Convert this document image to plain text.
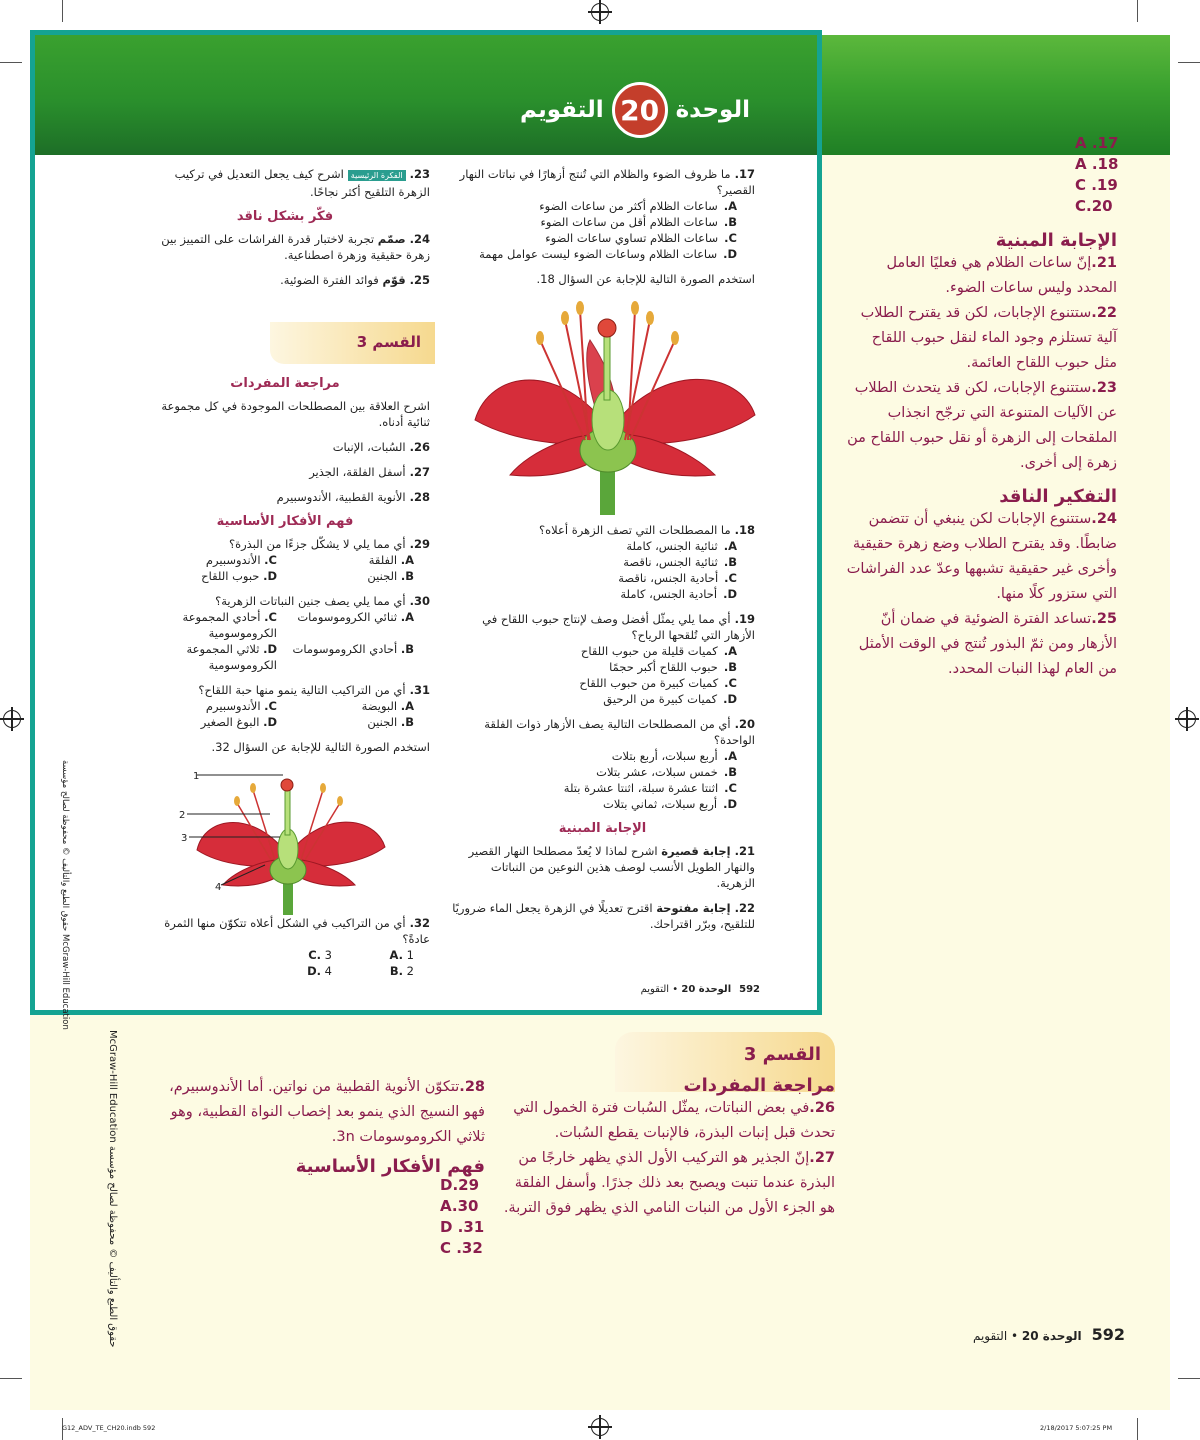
الوحدة
20
التقويم
17.ما ظروف الضوء والظلام التي تُنتج أزهارًا في نباتات النهار القصير؟
A.ساعات الظلام أكثر من ساعات الضوء
B.ساعات الظلام أقل من ساعات الضوء
C.ساعات الظلام تساوي ساعات الضوء
D.ساعات الظلام وساعات الضوء ليست عوامل مهمة
استخدم الصورة التالية للإجابة عن السؤال 18.
18.ما المصطلحات التي تصف الزهرة أعلاه؟
A.ثنائية الجنس، كاملة
B.ثنائية الجنس، ناقصة
C.أحادية الجنس، ناقصة
D.أحادية الجنس، كاملة
19.أي مما يلي يمثّل أفضل وصف لإنتاج حبوب اللقاح في الأزهار التي تُلقحها الرياح؟
A.كميات قليلة من حبوب اللقاح
B.حبوب اللقاح أكبر حجمًا
C.كميات كبيرة من حبوب اللقاح
D.كميات كبيرة من الرحيق
20.أي من المصطلحات التالية يصف الأزهار ذوات الفلقة الواحدة؟
A.أربع سبلات، أربع بتلات
B.خمس سبلات، عشر بتلات
C.اثنتا عشرة سبلة، اثنتا عشرة بتلة
D.أربع سبلات، ثماني بتلات
الإجابة المبنية
21.إجابة قصيرة اشرح لماذا لا يُعدّ مصطلحا النهار القصير والنهار الطويل الأنسب لوصف هذين النوعين من النباتات الزهرية.
22.إجابة مفتوحة اقترح تعديلًا في الزهرة يجعل الماء ضروريًا للتلقيح، وبرّر اقتراحك.
23.الفكرة الرئيسيةاشرح كيف يجعل التعديل في تركيب الزهرة التلقيح أكثر نجاحًا.
فكّر بشكل ناقد
24.صمّم تجربة لاختبار قدرة الفراشات على التمييز بين زهرة حقيقية وزهرة اصطناعية.
25.قوّم فوائد الفترة الضوئية.
القسم 3
مراجعة المفردات
اشرح العلاقة بين المصطلحات الموجودة في كل مجموعة ثنائية أدناه.
26.السُبات، الإنبات
27.أسفل الفلقة، الجذير
28.الأنوية القطبية، الأندوسبيرم
فهم الأفكار الأساسية
29.أي مما يلي لا يشكّل جزءًا من البذرة؟
A. الفلقة
C. الأندوسبيرم
B. الجنين
D. حبوب اللقاح
30.أي مما يلي يصف جنين النباتات الزهرية؟
A. ثنائي الكروموسومات
C. أحادي المجموعة الكروموسومية
B. أحادي الكروموسومات
D. ثلاثي المجموعة الكروموسومية
31.أي من التراكيب التالية ينمو منها حبة اللقاح؟
A. البويضة
C. الأندوسبيرم
B. الجنين
D. البوغ الصغير
استخدم الصورة التالية للإجابة عن السؤال 32.
1
2
3
4
32.أي من التراكيب في الشكل أعلاه تتكوّن منها الثمرة عادةً؟
A. 1
C. 3
B. 2
D. 4
حقوق الطبع والتأليف © محفوظة لصالح مؤسسة McGraw-Hill Education
McGraw-Hill Education حقوق الطبع والتأليف © محفوظة لصالح مؤسسة
592الوحدة 20 • التقويم
A .17
A .18
C .19
C.20
الإجابة المبنية
21.إنّ ساعات الظلام هي فعليًا العامل المحدد وليس ساعات الضوء.
22.ستتنوع الإجابات، لكن قد يقترح الطلاب آلية تستلزم وجود الماء لنقل حبوب اللقاح مثل حبوب اللقاح العائمة.
23.ستتنوع الإجابات، لكن قد يتحدث الطلاب عن الآليات المتنوعة التي ترجّح انجذاب الملقحات إلى الزهرة أو نقل حبوب اللقاح من زهرة إلى أخرى.
التفكير الناقد
24.ستتنوع الإجابات لكن ينبغي أن تتضمن ضابطًا. وقد يقترح الطلاب وضع زهرة حقيقية وأخرى غير حقيقية تشبهها وعدّ عدد الفراشات التي ستزور كلًا منها.
25.تساعد الفترة الضوئية في ضمان أنّ الأزهار ومن ثمّ البذور تُنتج في الوقت الأمثل من العام لهذا النبات المحدد.
القسم 3
مراجعة المفردات
26.في بعض النباتات، يمثّل السُبات فترة الخمول التي تحدث قبل إنبات البذرة، فالإنبات يقطع السُبات.
27.إنّ الجذير هو التركيب الأول الذي يظهر خارجًا من البذرة عندما تنبت ويصبح بعد ذلك جذرًا. وأسفل الفلقة هو الجزء الأول من النبات النامي الذي يظهر فوق التربة.
28.تتكوّن الأنوية القطبية من نواتين. أما الأندوسبيرم، فهو النسيج الذي ينمو بعد إخصاب النواة القطبية، وهو ثلاثي الكروموسومات 3n.
فهم الأفكار الأساسية
D.29
A.30
D .31
C .32
592الوحدة 20 • التقويم
G12_ADV_TE_CH20.indb 592	2/18/2017 5:07:25 PM
